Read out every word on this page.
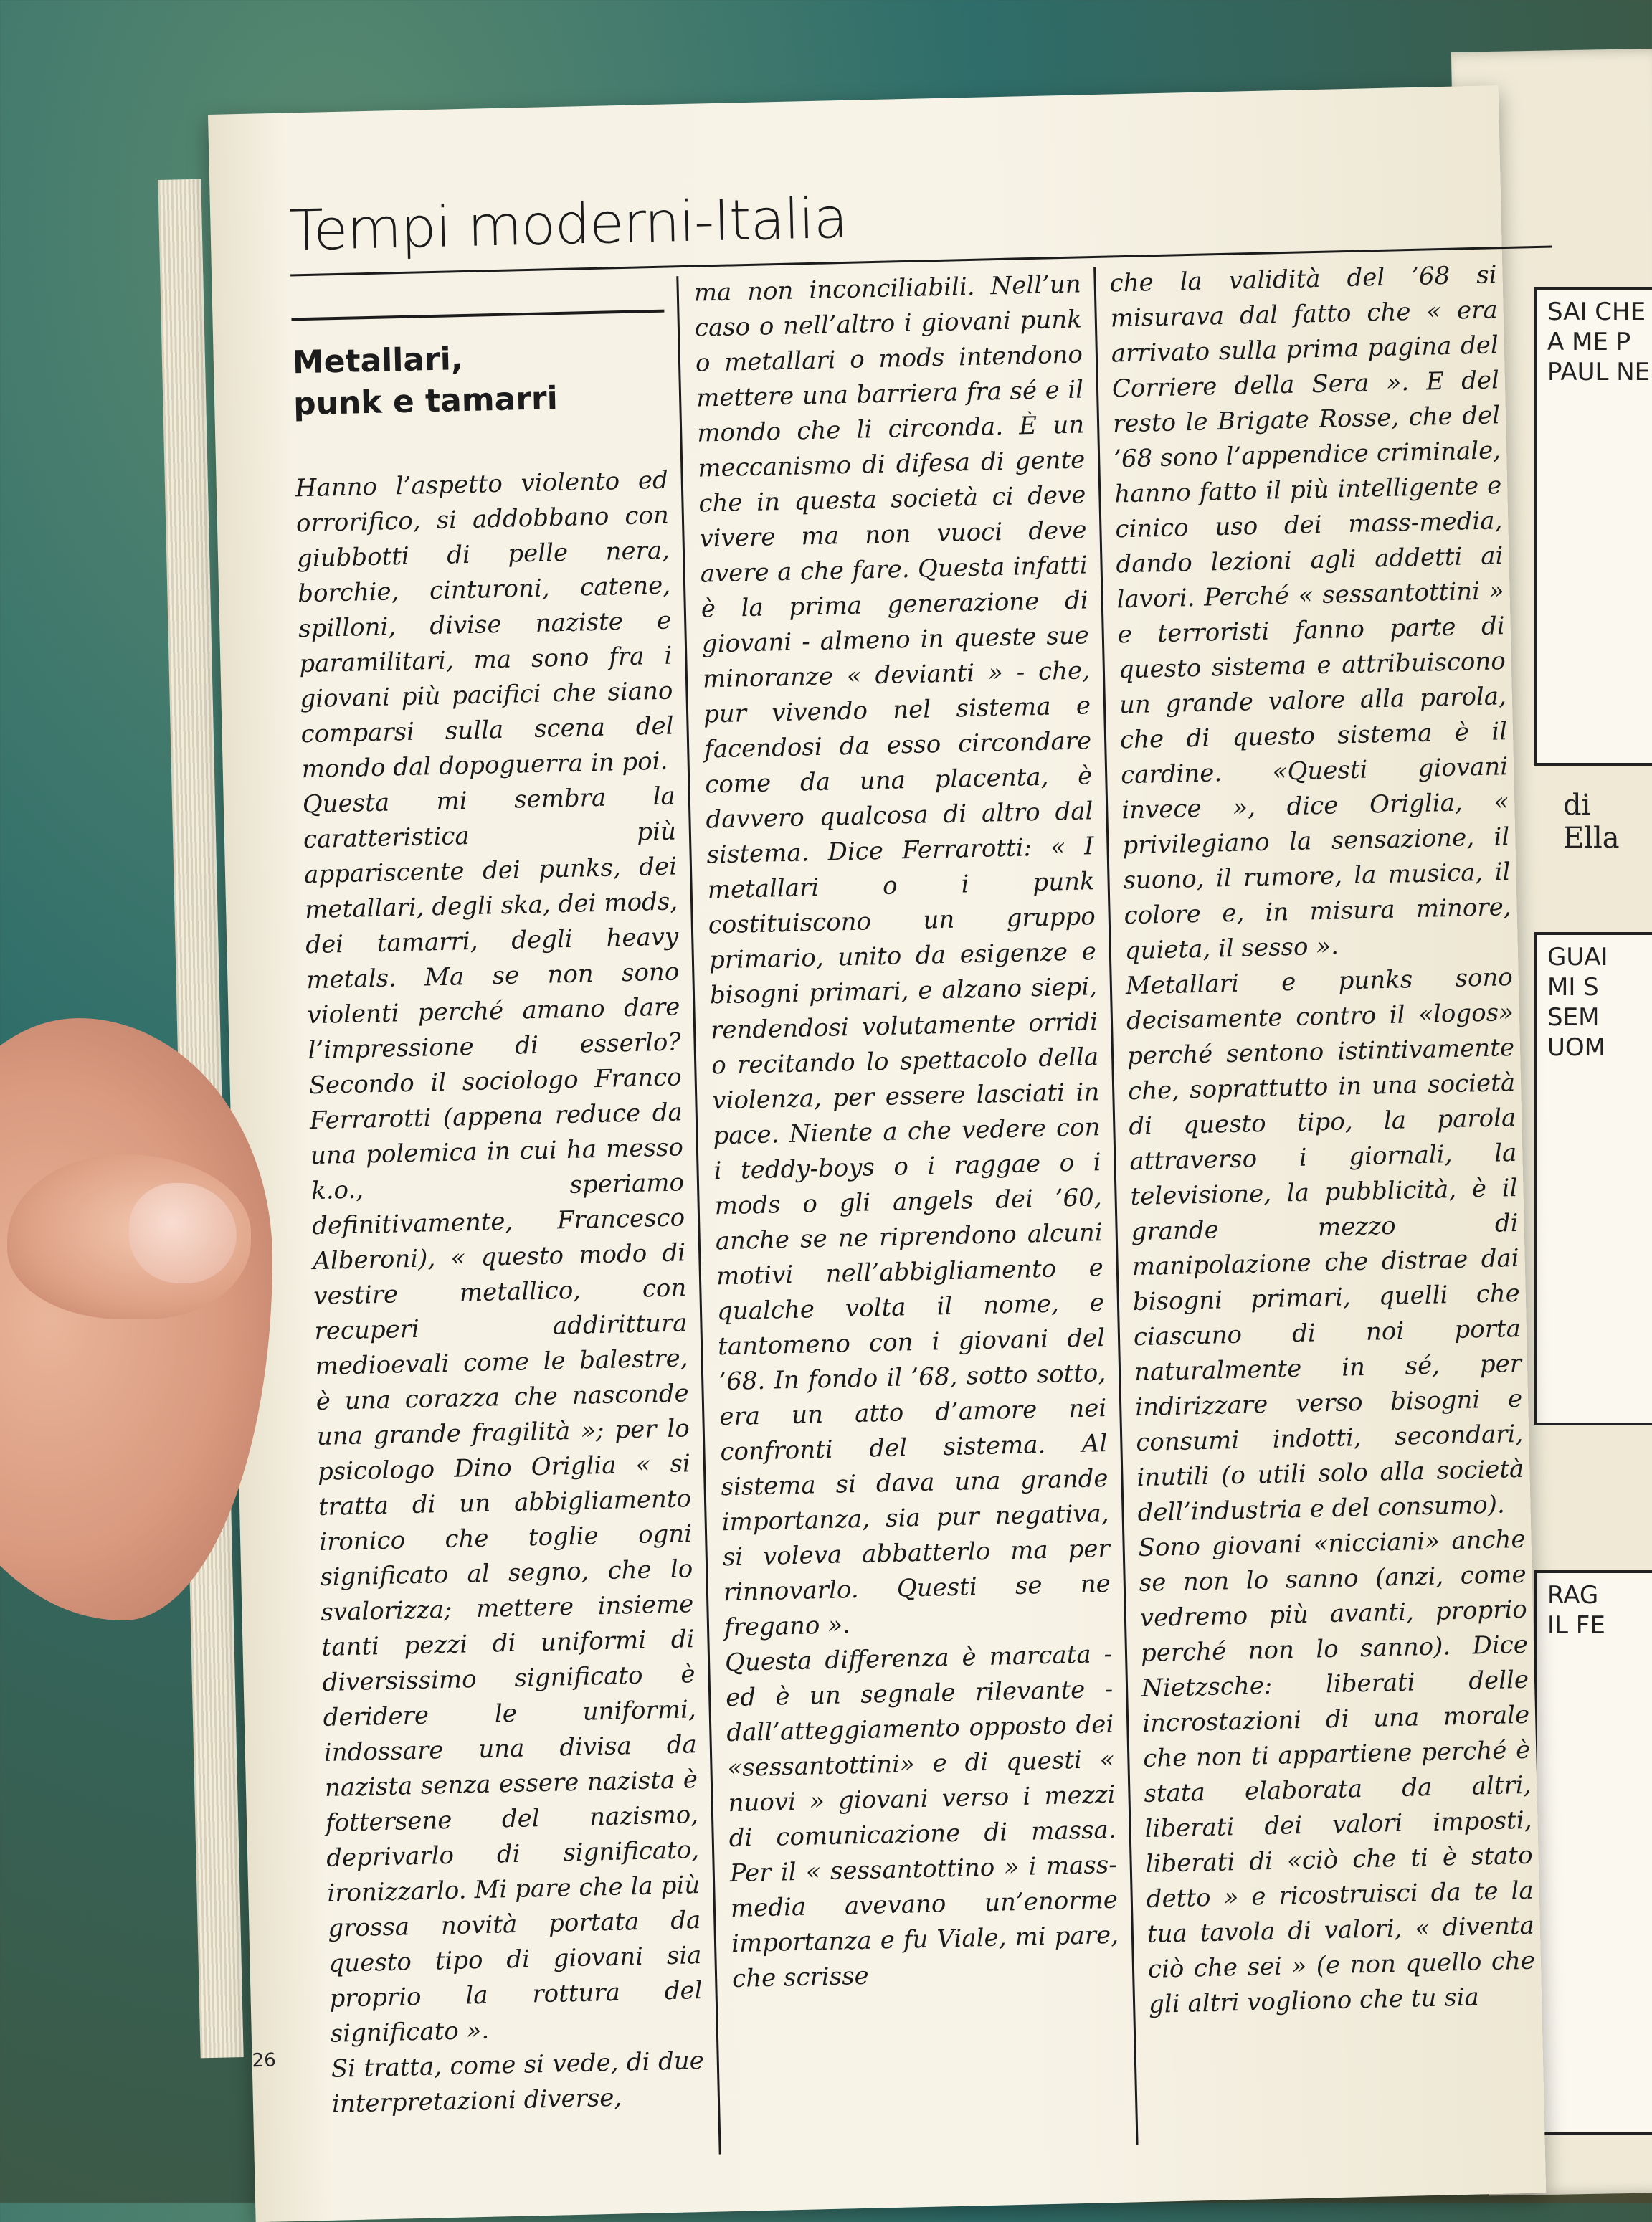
SAI CHE
A ME P
PAUL NE
di Ella
GUAI
MI S
SEM
UOM
RAG
IL FE
Tempi moderni-Italia
Metallari,
punk e tamarri
Hanno l’aspetto violento ed orrorifico, si addobbano con giubbotti di pelle nera, borchie, cinturoni, catene, spilloni, divise naziste e paramilitari, ma sono fra i giovani più pacifici che siano comparsi sulla scena del mondo dal dopoguerra in poi.
Questa mi sembra la caratteristica più appariscente dei punks, dei metallari, degli ska, dei mods, dei tamarri, degli heavy metals. Ma se non sono violenti perché amano dare l’impressione di esserlo? Secondo il sociologo Franco Ferrarotti (appena reduce da una polemica in cui ha messo k.o., speriamo definitivamente, Francesco Alberoni), « questo modo di vestire metallico, con recuperi addirittura medioevali come le balestre, è una corazza che nasconde una grande fragilità »; per lo psicologo Dino Origlia « si tratta di un abbigliamento ironico che toglie ogni significato al segno, che lo svalorizza; mettere insieme tanti pezzi di uniformi di diversissimo significato è deridere le uniformi, indossare una divisa da nazista senza essere nazista è fottersene del nazismo, deprivarlo di significato, ironizzarlo. Mi pare che la più grossa novità portata da questo tipo di giovani sia proprio la rottura del significato ».
Si tratta, come si vede, di due interpretazioni diverse,
ma non inconciliabili. Nell’un caso o nell’altro i giovani punk o metallari o mods intendono mettere una barriera fra sé e il mondo che li circonda. È un meccanismo di difesa di gente che in questa società ci deve vivere ma non vuoci deve avere a che fare. Questa infatti è la prima generazione di giovani - almeno in queste sue minoranze « devianti » - che, pur vivendo nel sistema e facendosi da esso circondare come da una placenta, è davvero qualcosa di altro dal sistema. Dice Ferrarotti: « I metallari o i punk costituiscono un gruppo primario, unito da esigenze e bisogni primari, e alzano siepi, rendendosi volutamente orridi o recitando lo spettacolo della violenza, per essere lasciati in pace. Niente a che vedere con i teddy-boys o i raggae o i mods o gli angels dei ’60, anche se ne riprendono alcuni motivi nell’abbigliamento e qualche volta il nome, e tantomeno con i giovani del ’68. In fondo il ’68, sotto sotto, era un atto d’amore nei confronti del sistema. Al sistema si dava una grande importanza, sia pur negativa, si voleva abbatterlo ma per rinnovarlo. Questi se ne fregano ».
Questa differenza è marcata - ed è un segnale rilevante - dall’atteggiamento opposto dei «sessantottini» e di questi « nuovi » giovani verso i mezzi di comunicazione di massa. Per il « sessantottino » i mass-media avevano un’enorme importanza e fu Viale, mi pare, che scrisse
che la validità del ’68 si misurava dal fatto che « era arrivato sulla prima pagina del Corriere della Sera ». E del resto le Brigate Rosse, che del ’68 sono l’appendice criminale, hanno fatto il più intelligente e cinico uso dei mass-media, dando lezioni agli addetti ai lavori. Perché « sessantottini » e terroristi fanno parte di questo sistema e attribuiscono un grande valore alla parola, che di questo sistema è il cardine. «Questi giovani invece », dice Origlia, « privilegiano la sensazione, il suono, il rumore, la musica, il colore e, in misura minore, quieta, il sesso ».
Metallari e punks sono decisamente contro il «logos» perché sentono istintivamente che, soprattutto in una società di questo tipo, la parola attraverso i giornali, la televisione, la pubblicità, è il grande mezzo di manipolazione che distrae dai bisogni primari, quelli che ciascuno di noi porta naturalmente in sé, per indirizzare verso bisogni e consumi indotti, secondari, inutili (o utili solo alla società dell’industria e del consumo).
Sono giovani «nicciani» anche se non lo sanno (anzi, come vedremo più avanti, proprio perché non lo sanno). Dice Nietzsche: liberati delle incrostazioni di una morale che non ti appartiene perché è stata elaborata da altri, liberati dei valori imposti, liberati di «ciò che ti è stato detto » e ricostruisci da te la tua tavola di valori, « diventa ciò che sei » (e non quello che gli altri vogliono che tu sia
26
